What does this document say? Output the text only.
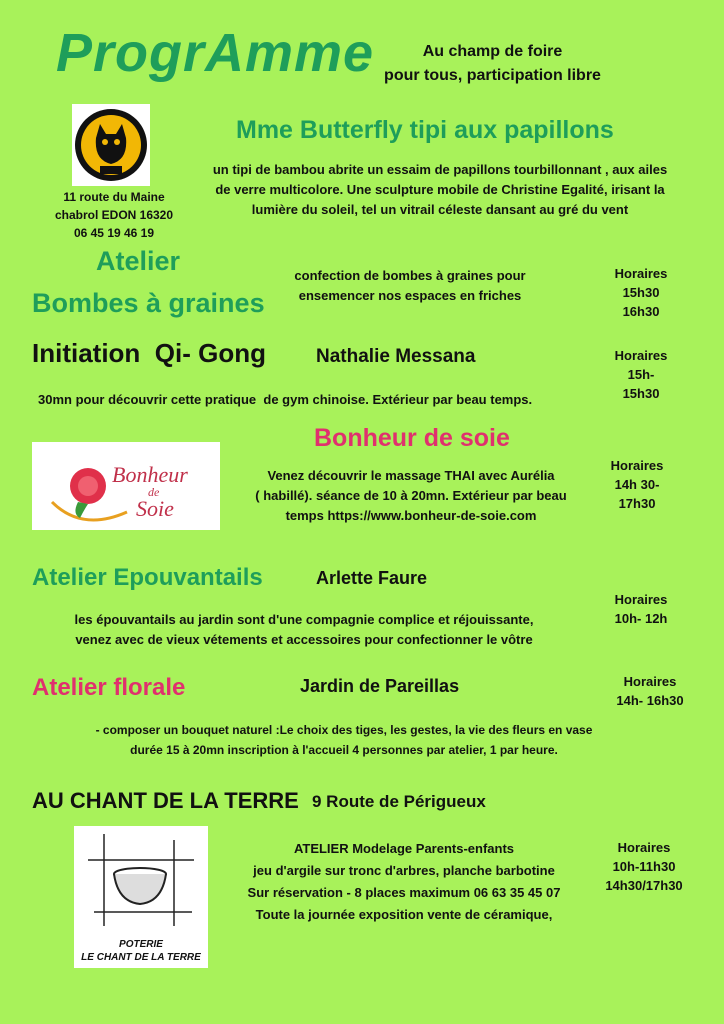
ProgrAmme	Au champ de foire
pour tous, participation libre
11 route du Maine
chabrol EDON 16320
06 45 19 46 19
Mme Butterfly tipi aux papillons
un tipi de bambou abrite un essaim de papillons tourbillonnant , aux ailes
de verre multicolore. Une sculpture mobile de Christine Egalité, irisant la
lumière du soleil, tel un vitrail céleste dansant au gré du vent
Atelier
Bombes à graines
confection de bombes à graines pour
ensemencer nos espaces en friches
Horaires
15h30
16h30
Initiation  Qi- Gong	Nathalie Messana
30mn pour découvrir cette pratique  de gym chinoise. Extérieur par beau temps.
Horaires
15h-
15h30
Bonheur de soie
Bonheur
de
Soie
Venez découvrir le massage THAI avec Aurélia
( habillé). séance de 10 à 20mn. Extérieur par beau
temps https://www.bonheur-de-soie.com
Horaires
14h 30-
17h30
Atelier Epouvantails	Arlette Faure
les épouvantails au jardin sont d'une compagnie complice et réjouissante,
venez avec de vieux vétements et accessoires pour confectionner le vôtre
Horaires
10h- 12h
Atelier florale	Jardin de Pareillas
- composer un bouquet naturel :Le choix des tiges, les gestes, la vie des fleurs en vase
durée 15 à 20mn inscription à l'accueil 4 personnes par atelier, 1 par heure.
Horaires
14h- 16h30
AU CHANT DE LA TERRE 9 Route de Périgueux
POTERIE
LE CHANT DE LA TERRE
ATELIER Modelage Parents-enfants
jeu d'argile sur tronc d'arbres, planche barbotine
Sur réservation - 8 places maximum 06 63 35 45 07
Toute la journée exposition vente de céramique,
Horaires
10h-11h30
14h30/17h30
